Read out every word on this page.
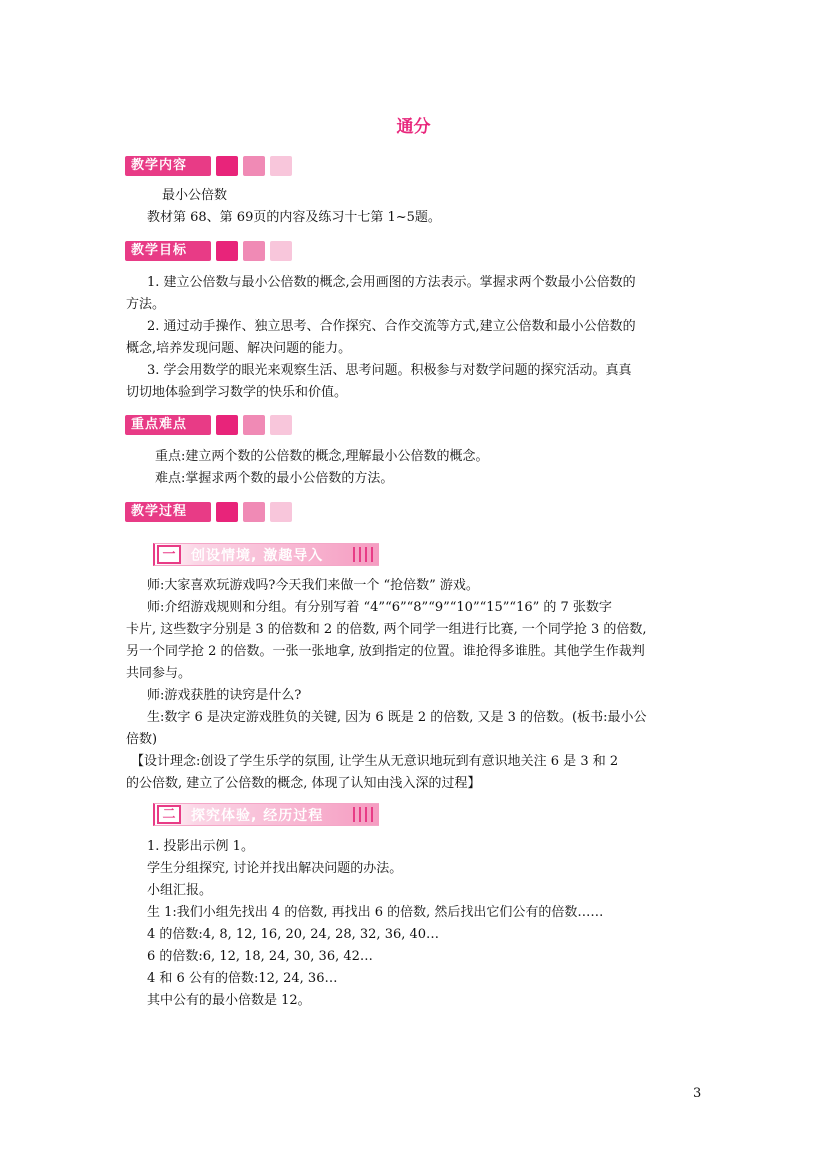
通分
教学内容
最小公倍数
教材第 68、第 69页的内容及练习十七第 1~5题。
教学目标
1. 建立公倍数与最小公倍数的概念,会用画图的方法表示。掌握求两个数最小公倍数的
方法。
2. 通过动手操作、独立思考、合作探究、合作交流等方式,建立公倍数和最小公倍数的
概念,培养发现问题、解决问题的能力。
3. 学会用数学的眼光来观察生活、思考问题。积极参与对数学问题的探究活动。真真
切切地体验到学习数学的快乐和价值。
重点难点
重点:建立两个数的公倍数的概念,理解最小公倍数的概念。
难点:掌握求两个数的最小公倍数的方法。
教学过程
一	创设情境, 激趣导入
师:大家喜欢玩游戏吗?今天我们来做一个 “抢倍数” 游戏。
师:介绍游戏规则和分组。有分别写着 “4”“6”“8”“9”“10”“15”“16” 的 7 张数字
卡片, 这些数字分别是 3 的倍数和 2 的倍数, 两个同学一组进行比赛, 一个同学抢 3 的倍数,
另一个同学抢 2 的倍数。一张一张地拿, 放到指定的位置。谁抢得多谁胜。其他学生作裁判
共同参与。
师:游戏获胜的诀窍是什么?
生:数字 6 是决定游戏胜负的关键, 因为 6 既是 2 的倍数, 又是 3 的倍数。(板书:最小公
倍数)
【设计理念:创设了学生乐学的氛围, 让学生从无意识地玩到有意识地关注 6 是 3 和 2
的公倍数, 建立了公倍数的概念, 体现了认知由浅入深的过程】
二	探究体验, 经历过程
1. 投影出示例 1。
学生分组探究, 讨论并找出解决问题的办法。
小组汇报。
生 1:我们小组先找出 4 的倍数, 再找出 6 的倍数, 然后找出它们公有的倍数……
4 的倍数:4, 8, 12, 16, 20, 24, 28, 32, 36, 40…
6 的倍数:6, 12, 18, 24, 30, 36, 42…
4 和 6 公有的倍数:12, 24, 36…
其中公有的最小倍数是 12。
3
